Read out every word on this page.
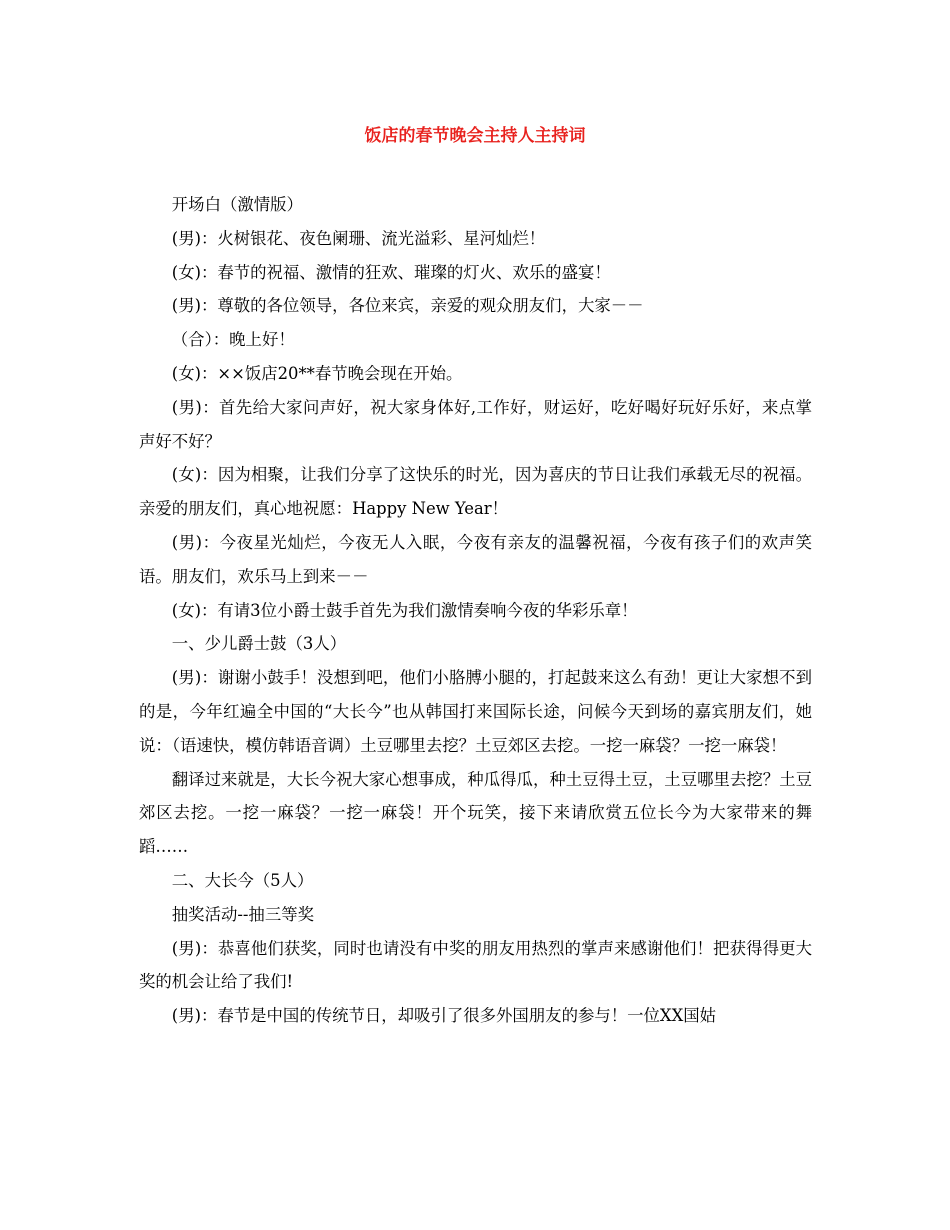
饭店的春节晚会主持人主持词

开场白（激情版）

(男)：火树银花、夜色阑珊、流光溢彩、星河灿烂！

(女)：春节的祝福、激情的狂欢、璀璨的灯火、欢乐的盛宴！

(男)：尊敬的各位领导，各位来宾，亲爱的观众朋友们，大家－－

（合）：晚上好！

(女)：××饭店20**春节晚会现在开始。

(男)：首先给大家问声好，祝大家身体好,工作好，财运好，吃好喝好玩好乐好，来点掌声好不好？

(女)：因为相聚，让我们分享了这快乐的时光，因为喜庆的节日让我们承载无尽的祝福。亲爱的朋友们，真心地祝愿：Happy New Year！

(男)：今夜星光灿烂，今夜无人入眠，今夜有亲友的温馨祝福，今夜有孩子们的欢声笑语。朋友们，欢乐马上到来－－

(女)：有请3位小爵士鼓手首先为我们激情奏响今夜的华彩乐章！

一、少儿爵士鼓（3人）

(男)：谢谢小鼓手！没想到吧，他们小胳膊小腿的，打起鼓来这么有劲！更让大家想不到的是，今年红遍全中国的“大长今”也从韩国打来国际长途，问候今天到场的嘉宾朋友们，她说：（语速快，模仿韩语音调）土豆哪里去挖？土豆郊区去挖。一挖一麻袋？一挖一麻袋！

翻译过来就是，大长今祝大家心想事成，种瓜得瓜，种土豆得土豆，土豆哪里去挖？土豆郊区去挖。一挖一麻袋？一挖一麻袋！开个玩笑，接下来请欣赏五位长今为大家带来的舞蹈……

二、大长今（5人）

抽奖活动--抽三等奖

(男)：恭喜他们获奖，同时也请没有中奖的朋友用热烈的掌声来感谢他们！把获得得更大奖的机会让给了我们!

(男)：春节是中国的传统节日，却吸引了很多外国朋友的参与！一位XX国姑
